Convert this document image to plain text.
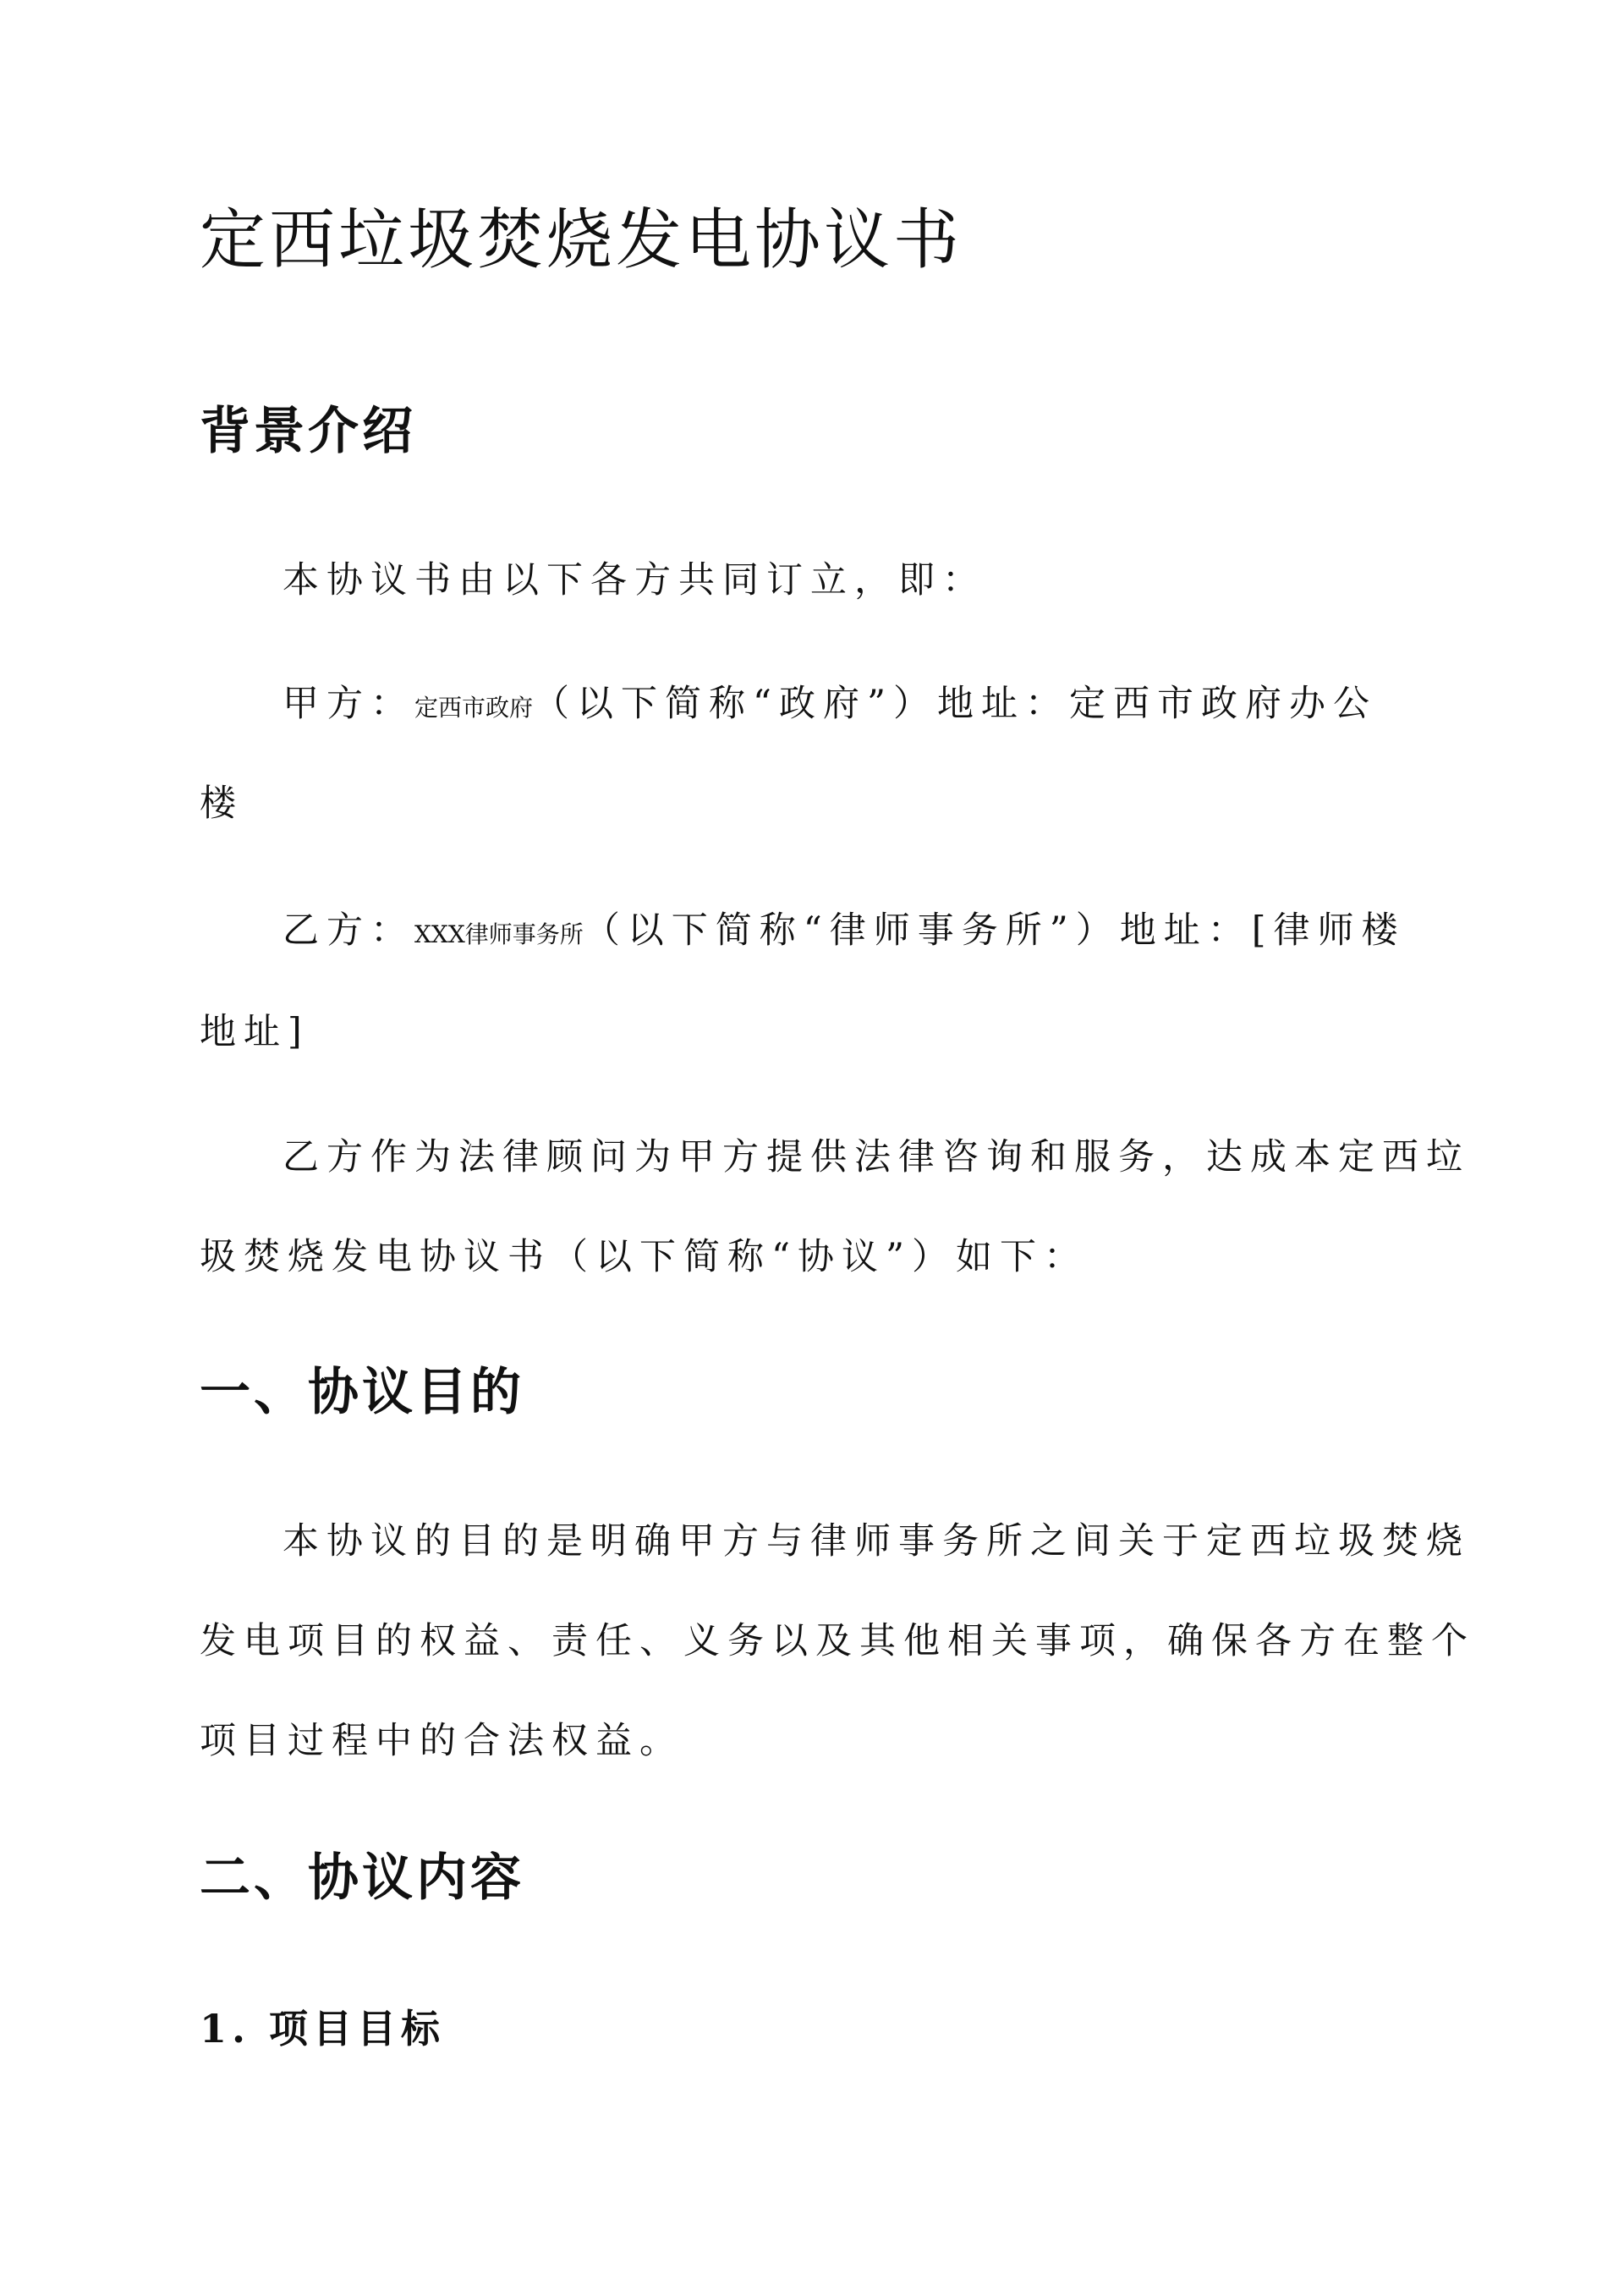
定西垃圾焚烧发电协议书
背景介绍

本协议书由以下各方共同订立，即：

甲方：定西市政府（以下简称“政府”）地址：定西市政府办公

楼

乙方：XXX律师事务所（以下简称“律师事务所”）地址：[律师楼

地址]

乙方作为法律顾问为甲方提供法律咨询和服务，达成本定西垃

圾焚烧发电协议书（以下简称“协议”）如下：

一、协议目的

本协议的目的是明确甲方与律师事务所之间关于定西垃圾焚烧

发电项目的权益、责任、义务以及其他相关事项，确保各方在整个

项目过程中的合法权益。

二、协议内容
1. 项目目标
